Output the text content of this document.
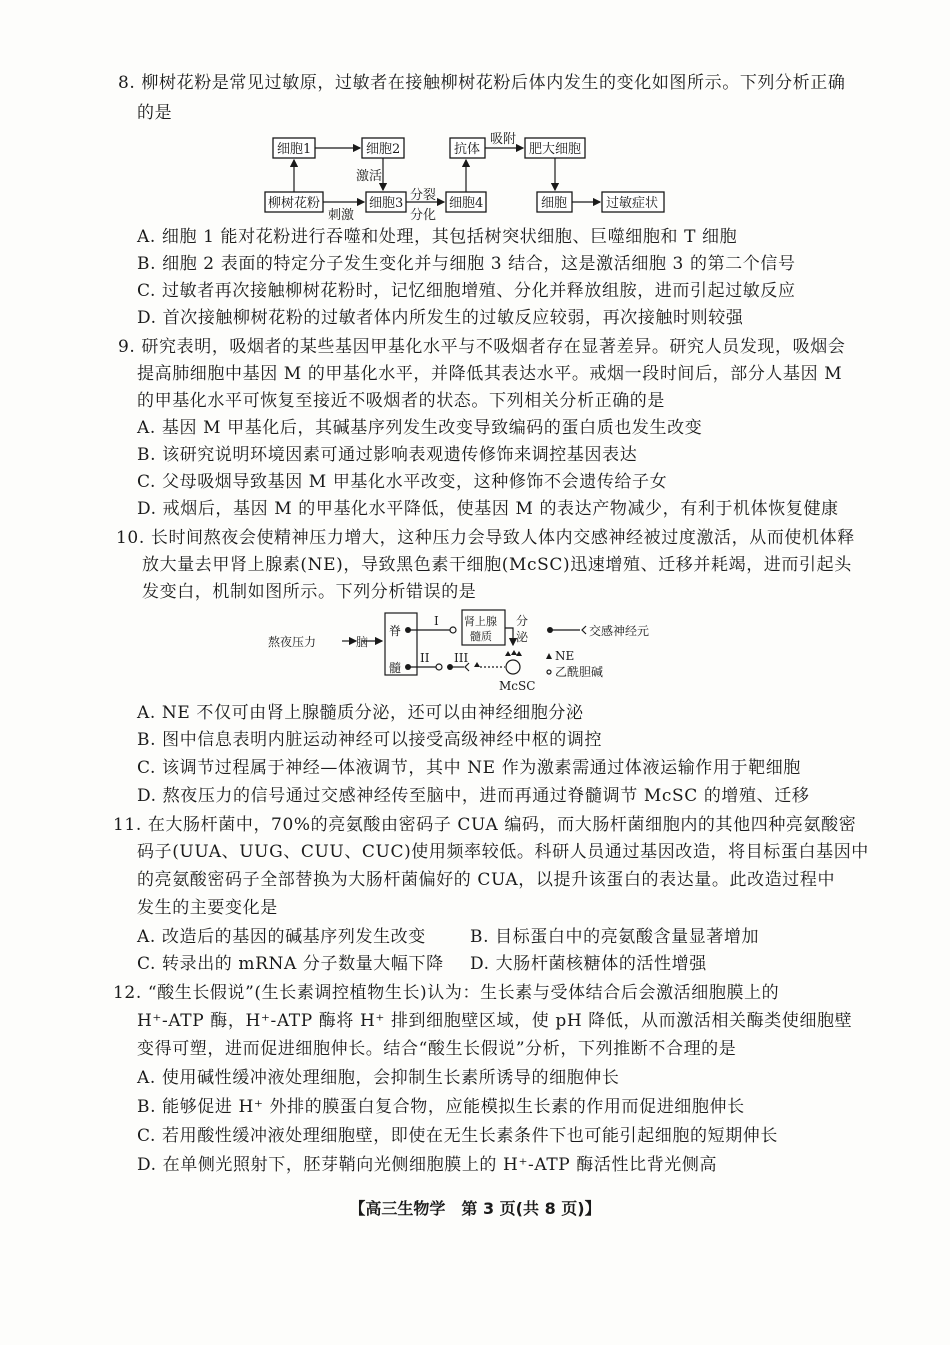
8. 柳树花粉是常见过敏原，过敏者在接触柳树花粉后体内发生的变化如图所示。下列分析正确
的是
细胞1	细胞2	抗体	肥大细胞
柳树花粉	细胞3	细胞4	细胞	过敏症状
激活
刺激
分裂
分化
吸附
A. 细胞 1 能对花粉进行吞噬和处理，其包括树突状细胞、巨噬细胞和 T 细胞
B. 细胞 2 表面的特定分子发生变化并与细胞 3 结合，这是激活细胞 3 的第二个信号
C. 过敏者再次接触柳树花粉时，记忆细胞增殖、分化并释放组胺，进而引起过敏反应
D. 首次接触柳树花粉的过敏者体内所发生的过敏反应较弱，再次接触时则较强
9. 研究表明，吸烟者的某些基因甲基化水平与不吸烟者存在显著差异。研究人员发现，吸烟会
提高肺细胞中基因 M 的甲基化水平，并降低其表达水平。戒烟一段时间后，部分人基因 M
的甲基化水平可恢复至接近不吸烟者的状态。下列相关分析正确的是
A. 基因 M 甲基化后，其碱基序列发生改变导致编码的蛋白质也发生改变
B. 该研究说明环境因素可通过影响表观遗传修饰来调控基因表达
C. 父母吸烟导致基因 M 甲基化水平改变，这种修饰不会遗传给子女
D. 戒烟后，基因 M 的甲基化水平降低，使基因 M 的表达产物减少，有利于机体恢复健康
10. 长时间熬夜会使精神压力增大，这种压力会导致人体内交感神经被过度激活，从而使机体释
放大量去甲肾上腺素(NE)，导致黑色素干细胞(McSC)迅速增殖、迁移并耗竭，进而引起头
发变白，机制如图所示。下列分析错误的是
熬夜压力	脑
脊
髓
肾上腺
髓质
分
泌
I
II III
McSC
交感神经元
NE
乙酰胆碱
A. NE 不仅可由肾上腺髓质分泌，还可以由神经细胞分泌
B. 图中信息表明内脏运动神经可以接受高级神经中枢的调控
C. 该调节过程属于神经—体液调节，其中 NE 作为激素需通过体液运输作用于靶细胞
D. 熬夜压力的信号通过交感神经传至脑中，进而再通过脊髓调节 McSC 的增殖、迁移
11. 在大肠杆菌中，70%的亮氨酸由密码子 CUA 编码，而大肠杆菌细胞内的其他四种亮氨酸密
码子(UUA、UUG、CUU、CUC)使用频率较低。科研人员通过基因改造，将目标蛋白基因中
的亮氨酸密码子全部替换为大肠杆菌偏好的 CUA，以提升该蛋白的表达量。此改造过程中
发生的主要变化是
A. 改造后的基因的碱基序列发生改变	B. 目标蛋白中的亮氨酸含量显著增加
C. 转录出的 mRNA 分子数量大幅下降 D. 大肠杆菌核糖体的活性增强
12. “酸生长假说”(生长素调控植物生长)认为：生长素与受体结合后会激活细胞膜上的
H⁺-ATP 酶，H⁺-ATP 酶将 H⁺ 排到细胞壁区域，使 pH 降低，从而激活相关酶类使细胞壁
变得可塑，进而促进细胞伸长。结合“酸生长假说”分析，下列推断不合理的是
A. 使用碱性缓冲液处理细胞，会抑制生长素所诱导的细胞伸长
B. 能够促进 H⁺ 外排的膜蛋白复合物，应能模拟生长素的作用而促进细胞伸长
C. 若用酸性缓冲液处理细胞壁，即使在无生长素条件下也可能引起细胞的短期伸长
D. 在单侧光照射下，胚芽鞘向光侧细胞膜上的 H⁺-ATP 酶活性比背光侧高
【高三生物学　第 3 页(共 8 页)】
